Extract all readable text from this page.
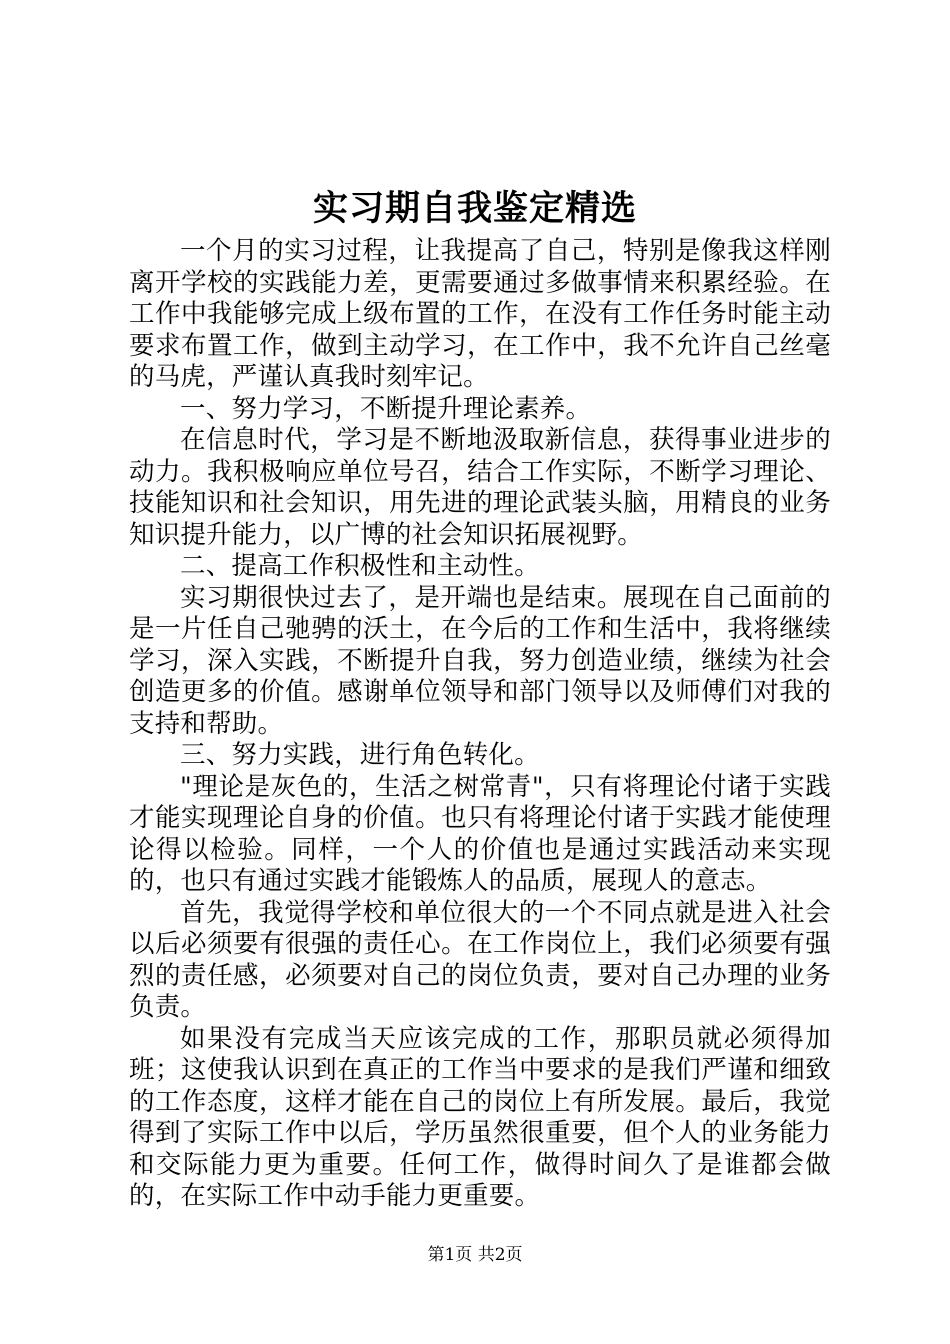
实习期自我鉴定精选

一个月的实习过程，让我提高了自己，特别是像我这样刚离开学校的实践能力差，更需要通过多做事情来积累经验。在工作中我能够完成上级布置的工作，在没有工作任务时能主动要求布置工作，做到主动学习，在工作中，我不允许自己丝毫的马虎，严谨认真我时刻牢记。

一、努力学习，不断提升理论素养。

在信息时代，学习是不断地汲取新信息，获得事业进步的动力。我积极响应单位号召，结合工作实际，不断学习理论、技能知识和社会知识，用先进的理论武装头脑，用精良的业务知识提升能力，以广博的社会知识拓展视野。

二、提高工作积极性和主动性。

实习期很快过去了，是开端也是结束。展现在自己面前的是一片任自己驰骋的沃土，在今后的工作和生活中，我将继续学习，深入实践，不断提升自我，努力创造业绩，继续为社会创造更多的价值。感谢单位领导和部门领导以及师傅们对我的支持和帮助。

三、努力实践，进行角色转化。

"理论是灰色的，生活之树常青"，只有将理论付诸于实践才能实现理论自身的价值。也只有将理论付诸于实践才能使理论得以检验。同样，一个人的价值也是通过实践活动来实现的，也只有通过实践才能锻炼人的品质，展现人的意志。

首先，我觉得学校和单位很大的一个不同点就是进入社会以后必须要有很强的责任心。在工作岗位上，我们必须要有强烈的责任感，必须要对自己的岗位负责，要对自己办理的业务负责。

如果没有完成当天应该完成的工作，那职员就必须得加班；这使我认识到在真正的工作当中要求的是我们严谨和细致的工作态度，这样才能在自己的岗位上有所发展。最后，我觉得到了实际工作中以后，学历虽然很重要，但个人的业务能力和交际能力更为重要。任何工作，做得时间久了是谁都会做的，在实际工作中动手能力更重要。

第1页 共2页
